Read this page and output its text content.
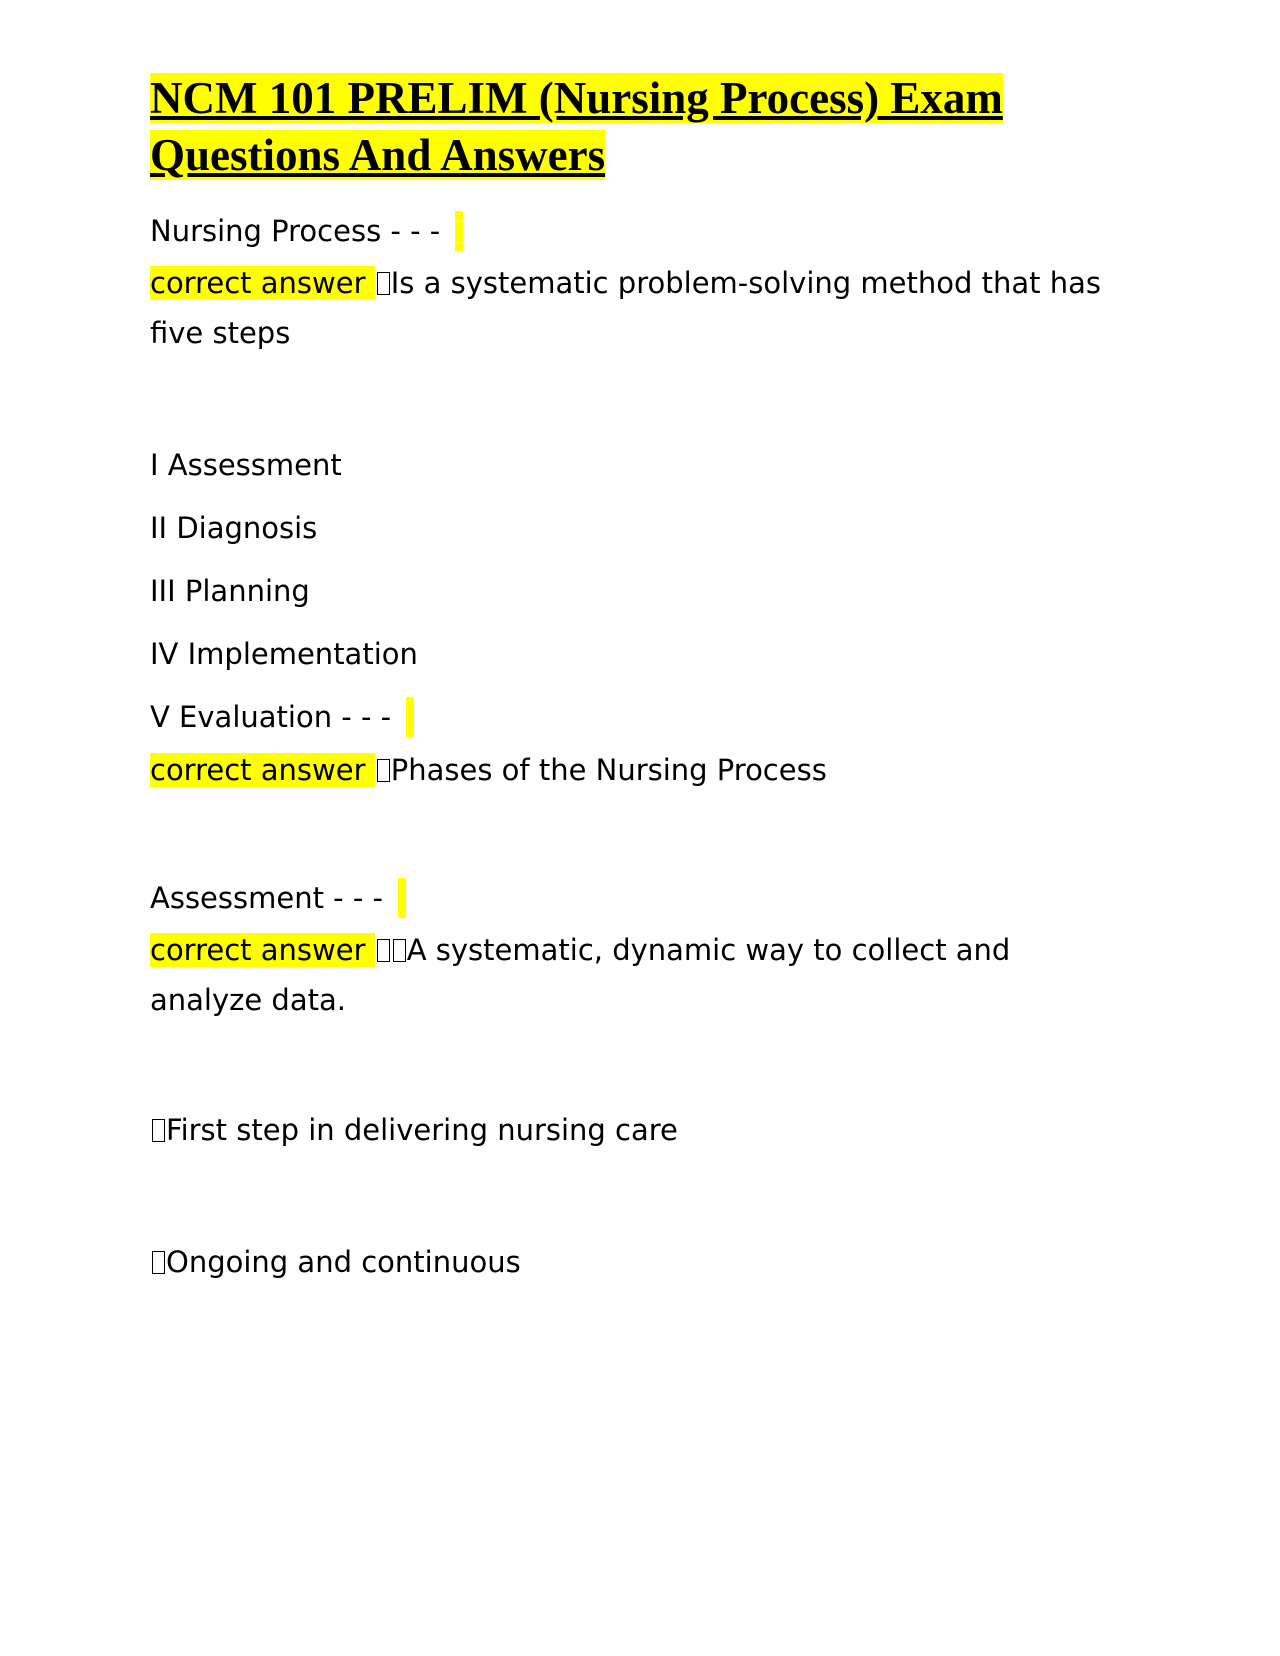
NCM 101 PRELIM (Nursing Process) Exam
Questions And Answers

Nursing Process - - -

correct answer Is a systematic problem-solving method that has five steps

I Assessment

II Diagnosis

III Planning

IV Implementation

V Evaluation - - -

correct answer Phases of the Nursing Process

Assessment - - -

correct answer A systematic, dynamic way to collect and analyze data.

First step in delivering nursing care

Ongoing and continuous
